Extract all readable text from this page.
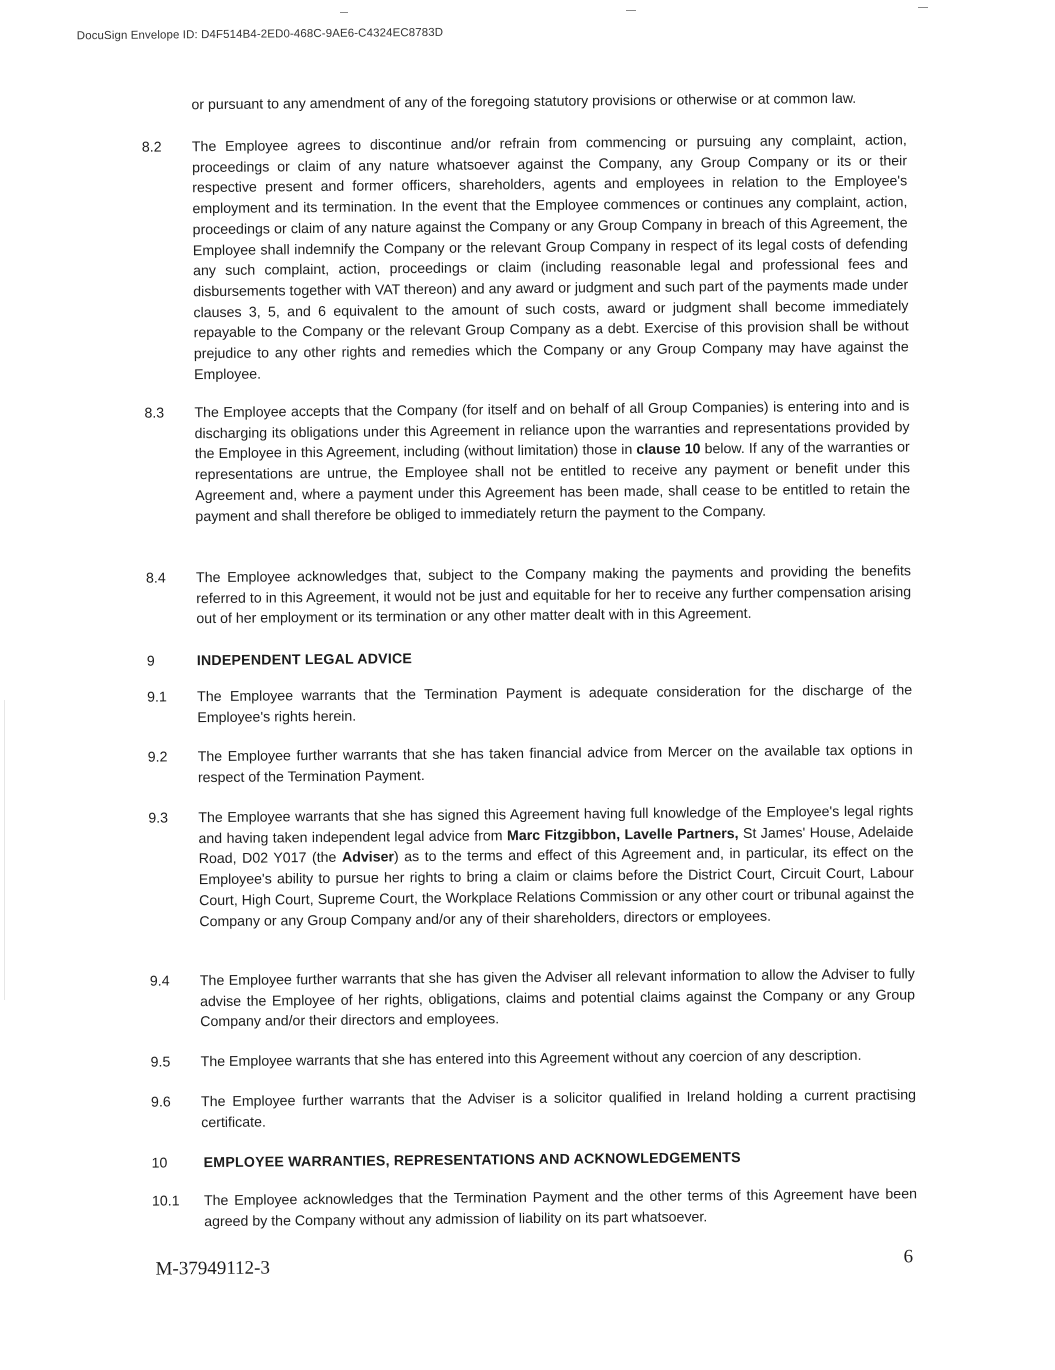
DocuSign Envelope ID: D4F514B4-2ED0-468C-9AE6-C4324EC8783D
or pursuant to any amendment of any of the foregoing statutory provisions or otherwise or at common law.
8.2	The Employee agrees to discontinue and/or refrain from commencing or pursuing any complaint, action, proceedings or claim of any nature whatsoever against the Company, any Group Company or its or their respective present and former officers, shareholders, agents and employees in relation to the Employee's employment and its termination. In the event that the Employee commences or continues any complaint, action, proceedings or claim of any nature against the Company or any Group Company in breach of this Agreement, the Employee shall indemnify the Company or the relevant Group Company in respect of its legal costs of defending any such complaint, action, proceedings or claim (including reasonable legal and professional fees and disbursements together with VAT thereon) and any award or judgment and such part of the payments made under clauses 3, 5, and 6 equivalent to the amount of such costs, award or judgment shall become immediately repayable to the Company or the relevant Group Company as a debt. Exercise of this provision shall be without prejudice to any other rights and remedies which the Company or any Group Company may have against the Employee.
8.3	The Employee accepts that the Company (for itself and on behalf of all Group Companies) is entering into and is discharging its obligations under this Agreement in reliance upon the warranties and representations provided by the Employee in this Agreement, including (without limitation) those in clause 10 below. If any of the warranties or representations are untrue, the Employee shall not be entitled to receive any payment or benefit under this Agreement and, where a payment under this Agreement has been made, shall cease to be entitled to retain the payment and shall therefore be obliged to immediately return the payment to the Company.
8.4	The Employee acknowledges that, subject to the Company making the payments and providing the benefits referred to in this Agreement, it would not be just and equitable for her to receive any further compensation arising out of her employment or its termination or any other matter dealt with in this Agreement.
9	INDEPENDENT LEGAL ADVICE
9.1	The Employee warrants that the Termination Payment is adequate consideration for the discharge of the Employee's rights herein.
9.2	The Employee further warrants that she has taken financial advice from Mercer on the available tax options in respect of the Termination Payment.
9.3	The Employee warrants that she has signed this Agreement having full knowledge of the Employee's legal rights and having taken independent legal advice from Marc Fitzgibbon, Lavelle Partners, St James' House, Adelaide Road, D02 Y017 (the Adviser) as to the terms and effect of this Agreement and, in particular, its effect on the Employee's ability to pursue her rights to bring a claim or claims before the District Court, Circuit Court, Labour Court, High Court, Supreme Court, the Workplace Relations Commission or any other court or tribunal against the Company or any Group Company and/or any of their shareholders, directors or employees.
9.4	The Employee further warrants that she has given the Adviser all relevant information to allow the Adviser to fully advise the Employee of her rights, obligations, claims and potential claims against the Company or any Group Company and/or their directors and employees.
9.5	The Employee warrants that she has entered into this Agreement without any coercion of any description.
9.6	The Employee further warrants that the Adviser is a solicitor qualified in Ireland holding a current practising certificate.
10	EMPLOYEE WARRANTIES, REPRESENTATIONS AND ACKNOWLEDGEMENTS
10.1	The Employee acknowledges that the Termination Payment and the other terms of this Agreement have been agreed by the Company without any admission of liability on its part whatsoever.
M-37949112-3
6
